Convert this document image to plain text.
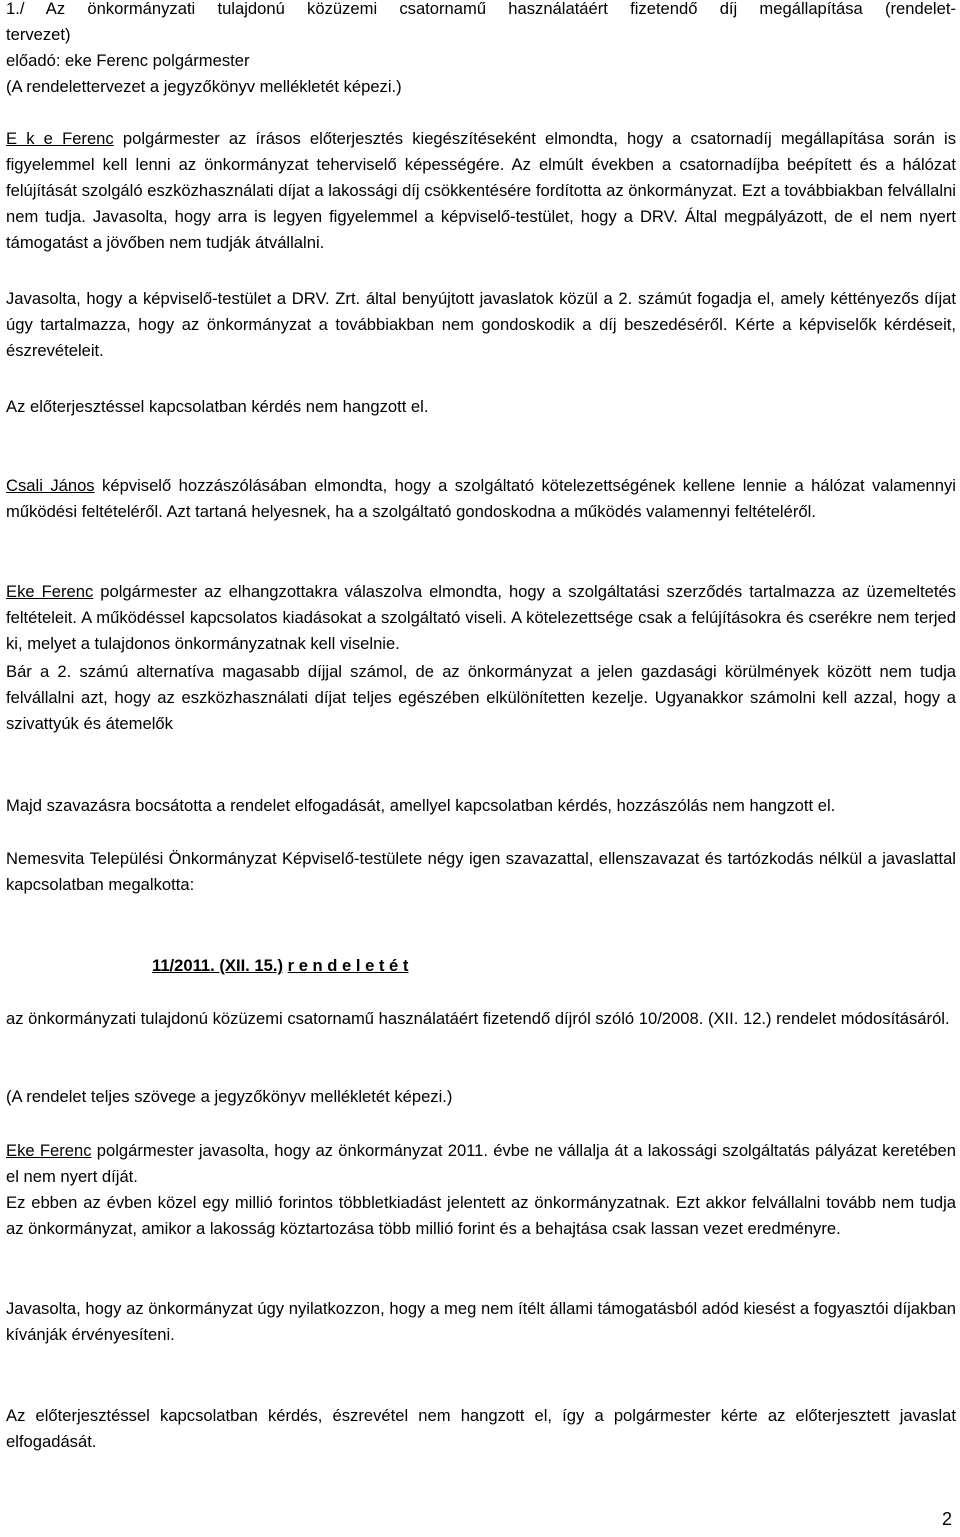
1./ Az önkormányzati tulajdonú közüzemi csatornamű használatáért fizetendő díj megállapítása (rendelet-

tervezet)

előadó: eke Ferenc polgármester

(A rendelettervezet a jegyzőkönyv mellékletét képezi.)

E k e Ferenc polgármester az írásos előterjesztés kiegészítéseként elmondta, hogy a csatornadíj megállapítása során is figyelemmel kell lenni az önkormányzat teherviselő képességére. Az elmúlt években a csatornadíjba beépített és a hálózat felújítását szolgáló eszközhasználati díjat a lakossági díj csökkentésére fordította az önkormányzat. Ezt a továbbiakban felvállalni nem tudja. Javasolta, hogy arra is legyen figyelemmel a képviselő-testület, hogy a DRV. Által megpályázott, de el nem nyert támogatást a jövőben nem tudják átvállalni.

Javasolta, hogy a képviselő-testület a DRV. Zrt. által benyújtott javaslatok közül a 2. számút fogadja el, amely kéttényezős díjat úgy tartalmazza, hogy az önkormányzat a továbbiakban nem gondoskodik a díj beszedéséről. Kérte a képviselők kérdéseit, észrevételeit.

Az előterjesztéssel kapcsolatban kérdés nem hangzott el.

Csali János képviselő hozzászólásában elmondta, hogy a szolgáltató kötelezettségének kellene lennie a hálózat valamennyi működési feltételéről. Azt tartaná helyesnek, ha a szolgáltató gondoskodna a működés valamennyi feltételéről.

Eke Ferenc polgármester az elhangzottakra válaszolva elmondta, hogy a szolgáltatási szerződés tartalmazza az üzemeltetés feltételeit. A működéssel kapcsolatos kiadásokat a szolgáltató viseli. A kötelezettsége csak a felújításokra és cserékre nem terjed ki, melyet a tulajdonos önkormányzatnak kell viselnie.

Bár a 2. számú alternatíva magasabb díjjal számol, de az önkormányzat a jelen gazdasági körülmények között nem tudja felvállalni azt, hogy az eszközhasználati díjat teljes egészében elkülönítetten kezelje. Ugyanakkor számolni kell azzal, hogy a szivattyúk és átemelők

Majd szavazásra bocsátotta a rendelet elfogadását, amellyel kapcsolatban kérdés, hozzászólás nem hangzott el.

Nemesvita Települési Önkormányzat Képviselő-testülete négy igen szavazattal, ellenszavazat és tartózkodás nélkül a javaslattal kapcsolatban megalkotta:

11/2011. (XII. 15.) r e n d e l e t é t

az önkormányzati tulajdonú közüzemi csatornamű használatáért fizetendő díjról szóló 10/2008. (XII. 12.) rendelet módosításáról.

(A rendelet teljes szövege a jegyzőkönyv mellékletét képezi.)

Eke Ferenc polgármester javasolta, hogy az önkormányzat 2011. évbe ne vállalja át a lakossági szolgáltatás pályázat keretében el nem nyert díját.

Ez ebben az évben közel egy millió forintos többletkiadást jelentett az önkormányzatnak. Ezt akkor felvállalni tovább nem tudja az önkormányzat, amikor a lakosság köztartozása több millió forint és a behajtása csak lassan vezet eredményre.

Javasolta, hogy az önkormányzat úgy nyilatkozzon, hogy a meg nem ítélt állami támogatásból adód kiesést a fogyasztói díjakban kívánják érvényesíteni.

Az előterjesztéssel kapcsolatban kérdés, észrevétel nem hangzott el, így a polgármester kérte az előterjesztett javaslat elfogadását.

2
